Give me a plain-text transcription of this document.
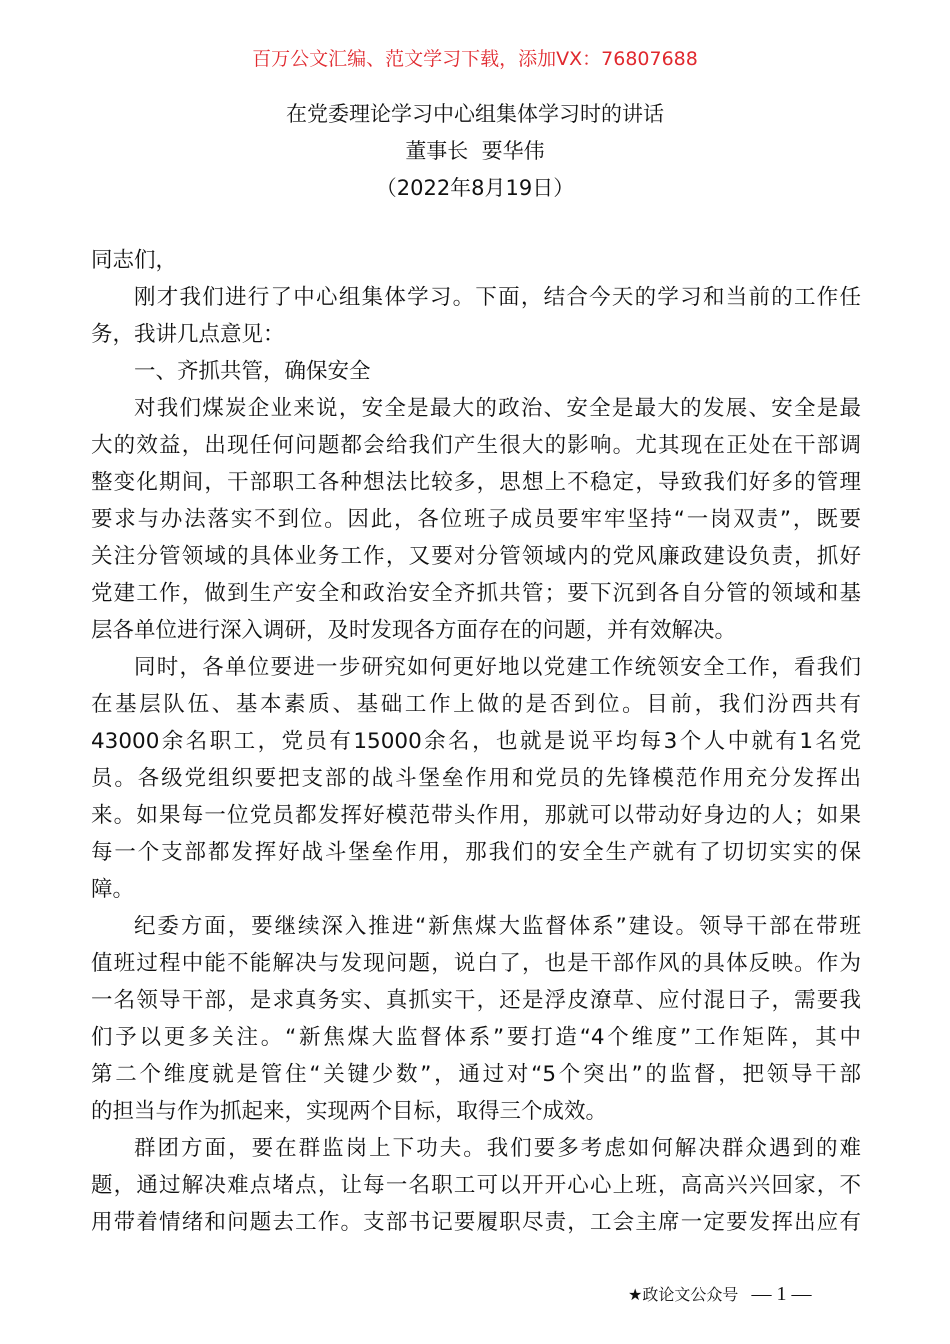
百万公文汇编、范文学习下载，添加VX：76807688
在党委理论学习中心组集体学习时的讲话
董事长  要华伟
（2022年8月19日）
同志们，
刚才我们进行了中心组集体学习。下面，结合今天的学习和当前的工作任
务，我讲几点意见：
一、齐抓共管，确保安全
对我们煤炭企业来说，安全是最大的政治、安全是最大的发展、安全是最
大的效益，出现任何问题都会给我们产生很大的影响。尤其现在正处在干部调
整变化期间，干部职工各种想法比较多，思想上不稳定，导致我们好多的管理
要求与办法落实不到位。因此，各位班子成员要牢牢坚持“一岗双责”，既要
关注分管领域的具体业务工作，又要对分管领域内的党风廉政建设负责，抓好
党建工作，做到生产安全和政治安全齐抓共管；要下沉到各自分管的领域和基
层各单位进行深入调研，及时发现各方面存在的问题，并有效解决。
同时，各单位要进一步研究如何更好地以党建工作统领安全工作，看我们
在基层队伍、基本素质、基础工作上做的是否到位。目前，我们汾西共有
43000余名职工，党员有15000余名，也就是说平均每3个人中就有1名党
员。各级党组织要把支部的战斗堡垒作用和党员的先锋模范作用充分发挥出
来。如果每一位党员都发挥好模范带头作用，那就可以带动好身边的人；如果
每一个支部都发挥好战斗堡垒作用，那我们的安全生产就有了切切实实的保
障。
纪委方面，要继续深入推进“新焦煤大监督体系”建设。领导干部在带班
值班过程中能不能解决与发现问题，说白了，也是干部作风的具体反映。作为
一名领导干部，是求真务实、真抓实干，还是浮皮潦草、应付混日子，需要我
们予以更多关注。“新焦煤大监督体系”要打造“4个维度”工作矩阵，其中
第二个维度就是管住“关键少数”，通过对“5个突出”的监督，把领导干部
的担当与作为抓起来，实现两个目标，取得三个成效。
群团方面，要在群监岗上下功夫。我们要多考虑如何解决群众遇到的难
题，通过解决难点堵点，让每一名职工可以开开心心上班，高高兴兴回家，不
用带着情绪和问题去工作。支部书记要履职尽责，工会主席一定要发挥出应有
★政论文公众号 — 1 —
